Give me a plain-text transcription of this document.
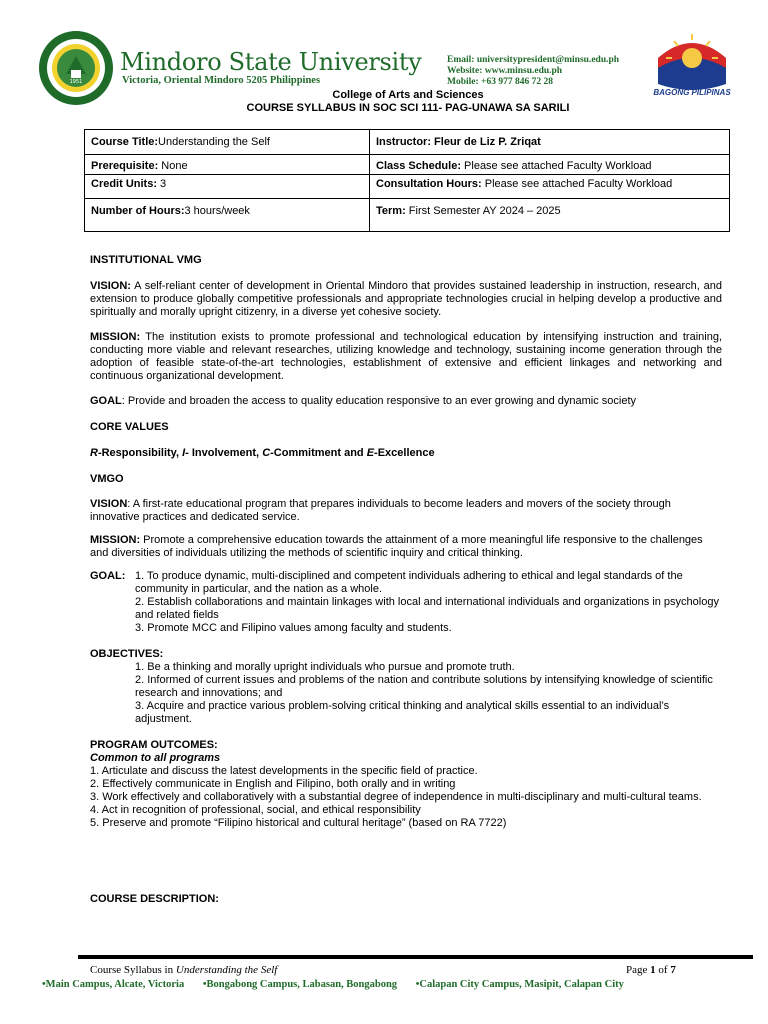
1951
Mindoro State University
Victoria, Oriental Mindoro 5205 Philippines
Email: universitypresident@minsu.edu.ph
Website: www.minsu.edu.ph
Mobile: +63 977 846 72 28
BAGONG PILIPINAS
College of Arts and Sciences
COURSE SYLLABUS IN SOC SCI 111- PAG-UNAWA SA SARILI
Course Title:Understanding the Self	Instructor: Fleur de Liz P. Zriqat
Prerequisite: None	Class Schedule: Please see attached Faculty Workload
Credit Units: 3	Consultation Hours: Please see attached Faculty Workload
Number of Hours:3 hours/week	Term: First Semester AY 2024 – 2025

INSTITUTIONAL VMG

VISION: A self-reliant center of development in Oriental Mindoro that provides sustained leadership in instruction, research, and extension to produce globally competitive professionals and appropriate technologies crucial in helping develop a productive and spiritually and morally upright citizenry, in a diverse yet cohesive society.

MISSION: The institution exists to promote professional and technological education by intensifying instruction and training, conducting more viable and relevant researches, utilizing knowledge and technology, sustaining income generation through the adoption of feasible state-of-the-art technologies, establishment of extensive and efficient linkages and networking and continuous organizational development.

GOAL: Provide and broaden the access to quality education responsive to an ever growing and dynamic society

CORE VALUES

R-Responsibility, I- Involvement, C-Commitment and E-Excellence

VMGO

VISION: A first-rate educational program that prepares individuals to become leaders and movers of the society through innovative practices and dedicated service.

MISSION: Promote a comprehensive education towards the attainment of a more meaningful life responsive to the challenges and diversities of individuals utilizing the methods of scientific inquiry and critical thinking.

GOAL: 1. To produce dynamic, multi-disciplined and competent individuals adhering to ethical and legal standards of the community in particular, and the nation as a whole.

2. Establish collaborations and maintain linkages with local and international individuals and organizations in psychology and related fields

3. Promote MCC and Filipino values among faculty and students.

OBJECTIVES:

1. Be a thinking and morally upright individuals who pursue and promote truth.

2. Informed of current issues and problems of the nation and contribute solutions by intensifying knowledge of scientific research and innovations; and

3. Acquire and practice various problem-solving critical thinking and analytical skills essential to an individual’s adjustment.

PROGRAM OUTCOMES:

Common to all programs

1. Articulate and discuss the latest developments in the specific field of practice.

2. Effectively communicate in English and Filipino, both orally and in writing

3. Work effectively and collaboratively with a substantial degree of independence in multi-disciplinary and multi-cultural teams.

4. Act in recognition of professional, social, and ethical responsibility

5. Preserve and promote “Filipino historical and cultural heritage” (based on RA 7722)

COURSE DESCRIPTION:

Course Syllabus in Understanding the Self	Page 1 of 7
•Main Campus, Alcate, Victoria •Bongabong Campus, Labasan, Bongabong •Calapan City Campus, Masipit, Calapan City
